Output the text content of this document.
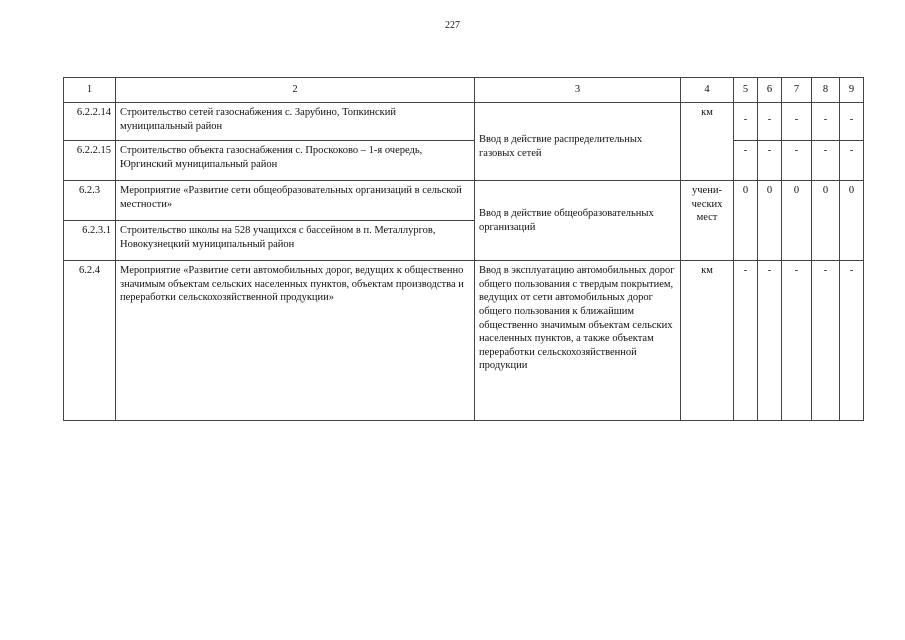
227
1	2	3	4	5	6	7	8	9
6.2.2.14	Строительство сетей газоснабжения с. Зарубино, Топкинский муниципальный район	Ввод в действие распределительных газовых сетей	км	-	-	-	-	-
6.2.2.15	Строительство объекта газоснабжения с. Проскоково – 1-я очередь, Юргинский муниципальный район			-	-	-	-	-
6.2.3	Мероприятие «Развитие сети общеобразовательных организаций в сельской местности»	Ввод в действие общеобразовательных организаций	учени-ческих мест	0	0	0	0	0
6.2.3.1	Строительство школы на 528 учащихся с бассейном в п. Металлургов, Новокузнецкий муниципальный район							
6.2.4	Мероприятие «Развитие сети автомобильных дорог, ведущих к общественно значимым объектам сельских населенных пунктов, объектам производства и переработки сельскохозяйственной продукции»	Ввод в эксплуатацию автомобильных дорог общего пользования с твердым покрытием, ведущих от сети автомобильных дорог общего пользования к ближайшим общественно значимым объектам сельских населенных пунктов, а также объектам переработки сельскохозяйственной продукции	км	-	-	-	-	-
